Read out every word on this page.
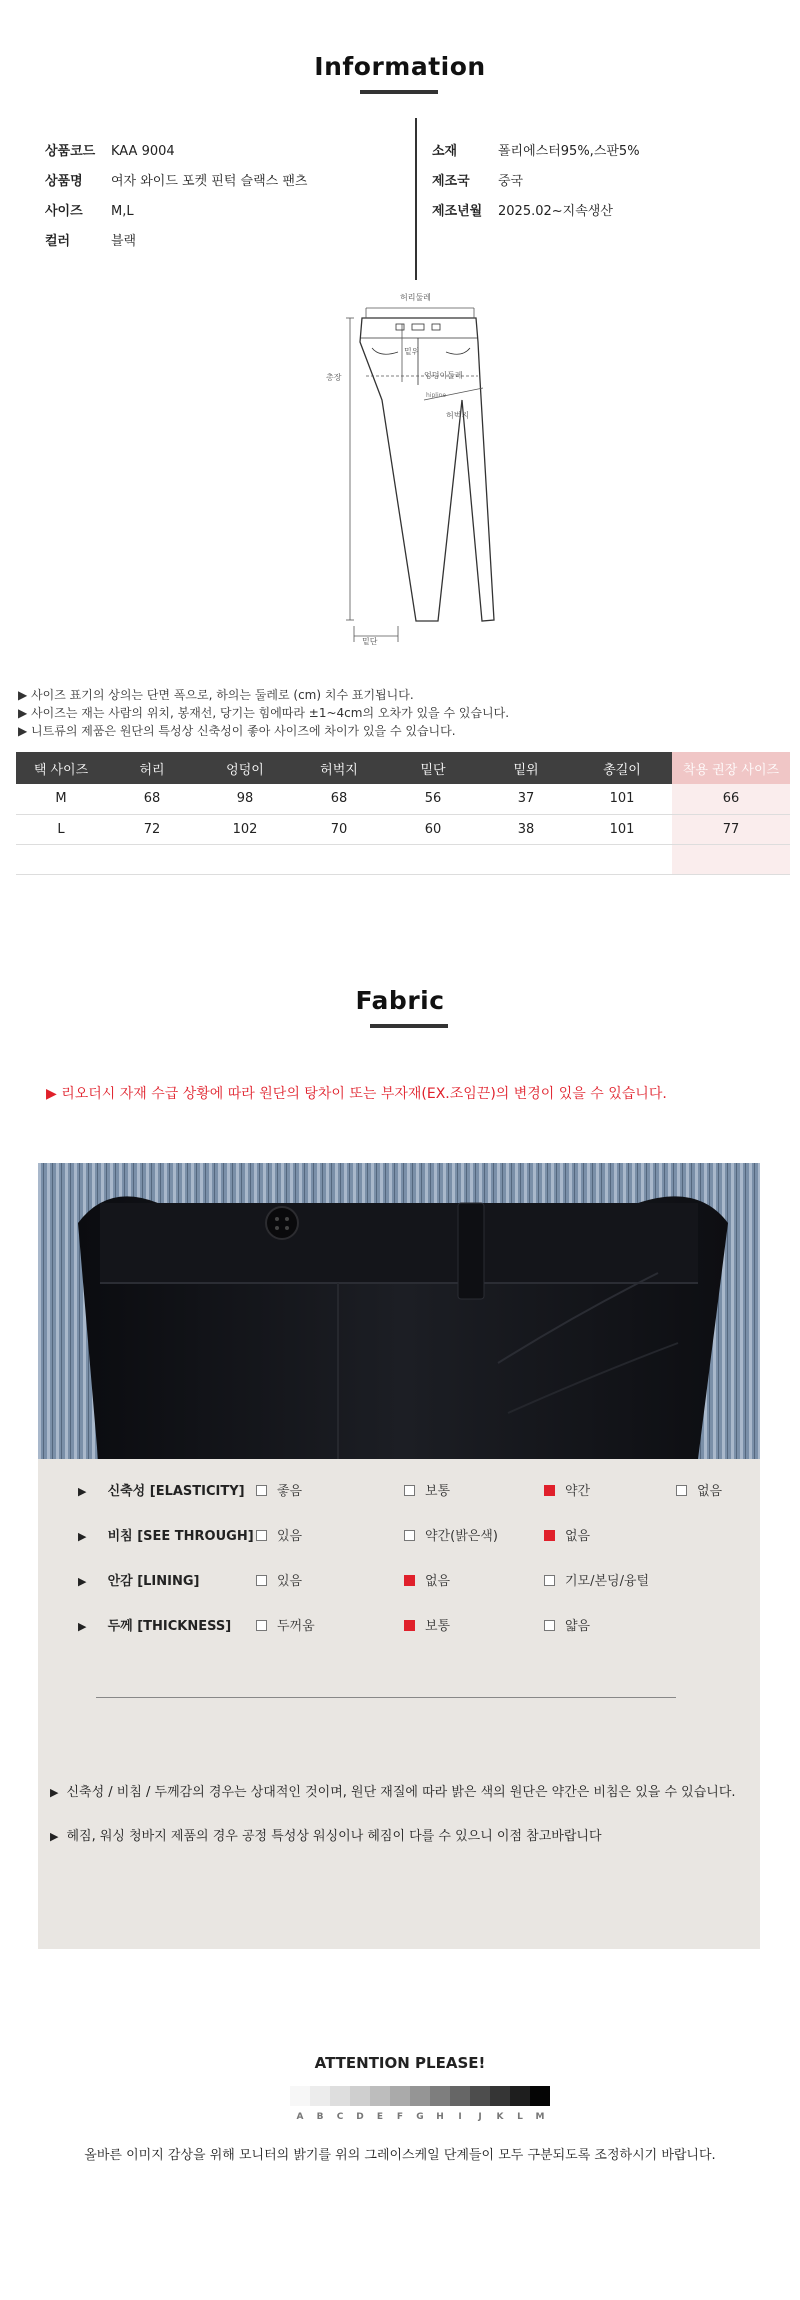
Information
상품코드 KAA 9004
상품명 여자 와이드 포켓 핀턱 슬랙스 팬츠
사이즈 M,L
컬러	블랙
소재	폴리에스터95%,스판5%
제조국 중국
제조년월 2025.02~지속생산
허리둘레
밑위
총장	엉덩이둘레
hipline
허벅지
밑단
▶ 사이즈 표기의 상의는 단면 폭으로, 하의는 둘레로 (cm) 치수 표기됩니다.
▶ 사이즈는 재는 사람의 위치, 봉재선, 당기는 힘에따라 ±1~4cm의 오차가 있을 수 있습니다.
▶ 니트류의 제품은 원단의 특성상 신축성이 좋아 사이즈에 차이가 있을 수 있습니다.
택 사이즈	허리	엉덩이	허벅지	밑단	밑위	총길이	착용 권장 사이즈
M	68	98	68	56	37	101	66
L	72	102	70	60	38	101	77

Fabric
▶ 리오더시 자재 수급 상황에 따라 원단의 탕차이 또는 부자재(EX.조임끈)의 변경이 있을 수 있습니다.
▶ 신축성 [ELASTICITY]	좋음	보통	약간	없음
▶ 비침 [SEE THROUGH]	있음	약간(밝은색)	없음
▶ 안감 [LINING]	있음	없음	기모/본딩/융털
▶ 두께 [THICKNESS]	두꺼움	보통	얇음
▶ 신축성 / 비침 / 두께감의 경우는 상대적인 것이며, 원단 재질에 따라 밝은 색의 원단은 약간은 비침은 있을 수 있습니다.
▶ 헤짐, 워싱 청바지 제품의 경우 공정 특성상 워싱이나 헤짐이 다를 수 있으니 이점 참고바랍니다
ATTENTION PLEASE!
A	B	C	D	E	F	G	H	I	J	K	L	M
올바른 이미지 감상을 위해 모니터의 밝기를 위의 그레이스케일 단계들이 모두 구분되도록 조정하시기 바랍니다.
